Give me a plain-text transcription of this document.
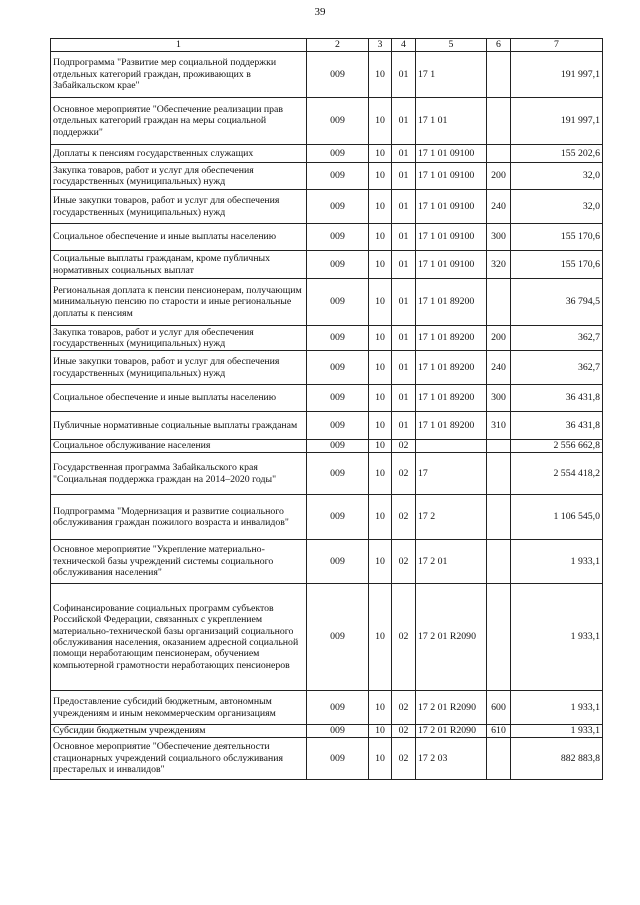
39
1	2	3	4	5	6	7
Подпрограмма "Развитие мер социальной поддержки отдельных категорий граждан, проживающих в Забайкальском крае"	009	10	01	17 1		191 997,1
Основное мероприятие "Обеспечение реализации прав отдельных категорий граждан на меры социальной поддержки"	009	10	01	17 1 01		191 997,1
Доплаты к пенсиям государственных служащих	009	10	01	17 1 01 09100		155 202,6
Закупка товаров, работ и услуг для обеспечения государственных (муниципальных) нужд	009	10	01	17 1 01 09100	200	32,0
Иные закупки товаров, работ и услуг для обеспечения государственных (муниципальных) нужд	009	10	01	17 1 01 09100	240	32,0
Социальное обеспечение и иные выплаты населению	009	10	01	17 1 01 09100	300	155 170,6
Социальные выплаты гражданам, кроме публичных нормативных социальных выплат	009	10	01	17 1 01 09100	320	155 170,6
Региональная доплата к пенсии пенсионерам, получающим минимальную пенсию по старости и иные региональные доплаты к пенсиям	009	10	01	17 1 01 89200		36 794,5
Закупка товаров, работ и услуг для обеспечения государственных (муниципальных) нужд	009	10	01	17 1 01 89200	200	362,7
Иные закупки товаров, работ и услуг для обеспечения государственных (муниципальных) нужд	009	10	01	17 1 01 89200	240	362,7
Социальное обеспечение и иные выплаты населению	009	10	01	17 1 01 89200	300	36 431,8
Публичные нормативные социальные выплаты гражданам	009	10	01	17 1 01 89200	310	36 431,8
Социальное обслуживание населения	009	10	02			2 556 662,8
Государственная программа Забайкальского края "Социальная поддержка граждан на 2014–2020 годы"	009	10	02	17		2 554 418,2
Подпрограмма "Модернизация и развитие социального обслуживания граждан пожилого возраста и инвалидов"	009	10	02	17 2		1 106 545,0
Основное мероприятие "Укрепление материально-технической базы учреждений системы социального обслуживания населения"	009	10	02	17 2 01		1 933,1
Софинансирование социальных программ субъектов Российской Федерации, связанных с укреплением материально-технической базы организаций социального обслуживания населения, оказанием адресной социальной помощи неработающим пенсионерам, обучением компьютерной грамотности неработающих пенсионеров	009	10	02	17 2 01 R2090		1 933,1
Предоставление субсидий бюджетным, автономным учреждениям и иным некоммерческим организациям	009	10	02	17 2 01 R2090	600	1 933,1
Субсидии бюджетным учреждениям	009	10	02	17 2 01 R2090	610	1 933,1
Основное мероприятие "Обеспечение деятельности стационарных учреждений социального обслуживания престарелых и инвалидов"	009	10	02	17 2 03		882 883,8
